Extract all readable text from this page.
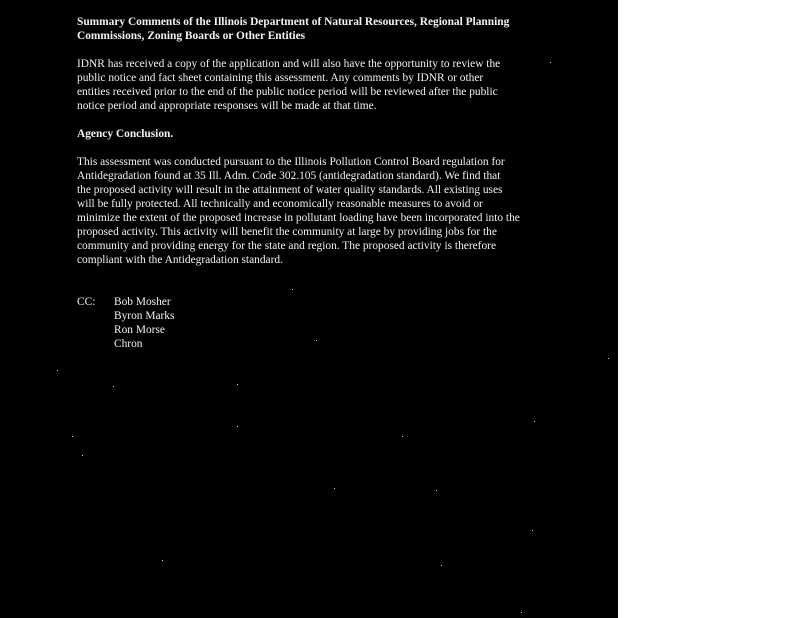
Summary Comments of the Illinois Department of Natural Resources, Regional Planning
Commissions, Zoning Boards or Other Entities

IDNR has received a copy of the application and will also have the opportunity to review the
public notice and fact sheet containing this assessment. Any comments by IDNR or other
entities received prior to the end of the public notice period will be reviewed after the public
notice period and appropriate responses will be made at that time.

Agency Conclusion.

This assessment was conducted pursuant to the Illinois Pollution Control Board regulation for
Antidegradation found at 35 Ill. Adm. Code 302.105 (antidegradation standard). We find that
the proposed activity will result in the attainment of water quality standards. All existing uses
will be fully protected. All technically and economically reasonable measures to avoid or
minimize the extent of the proposed increase in pollutant loading have been incorporated into the
proposed activity. This activity will benefit the community at large by providing jobs for the
community and providing energy for the state and region. The proposed activity is therefore
compliant with the Antidegradation standard.

CC:	Bob Mosher
Byron Marks
Ron Morse
Chron
